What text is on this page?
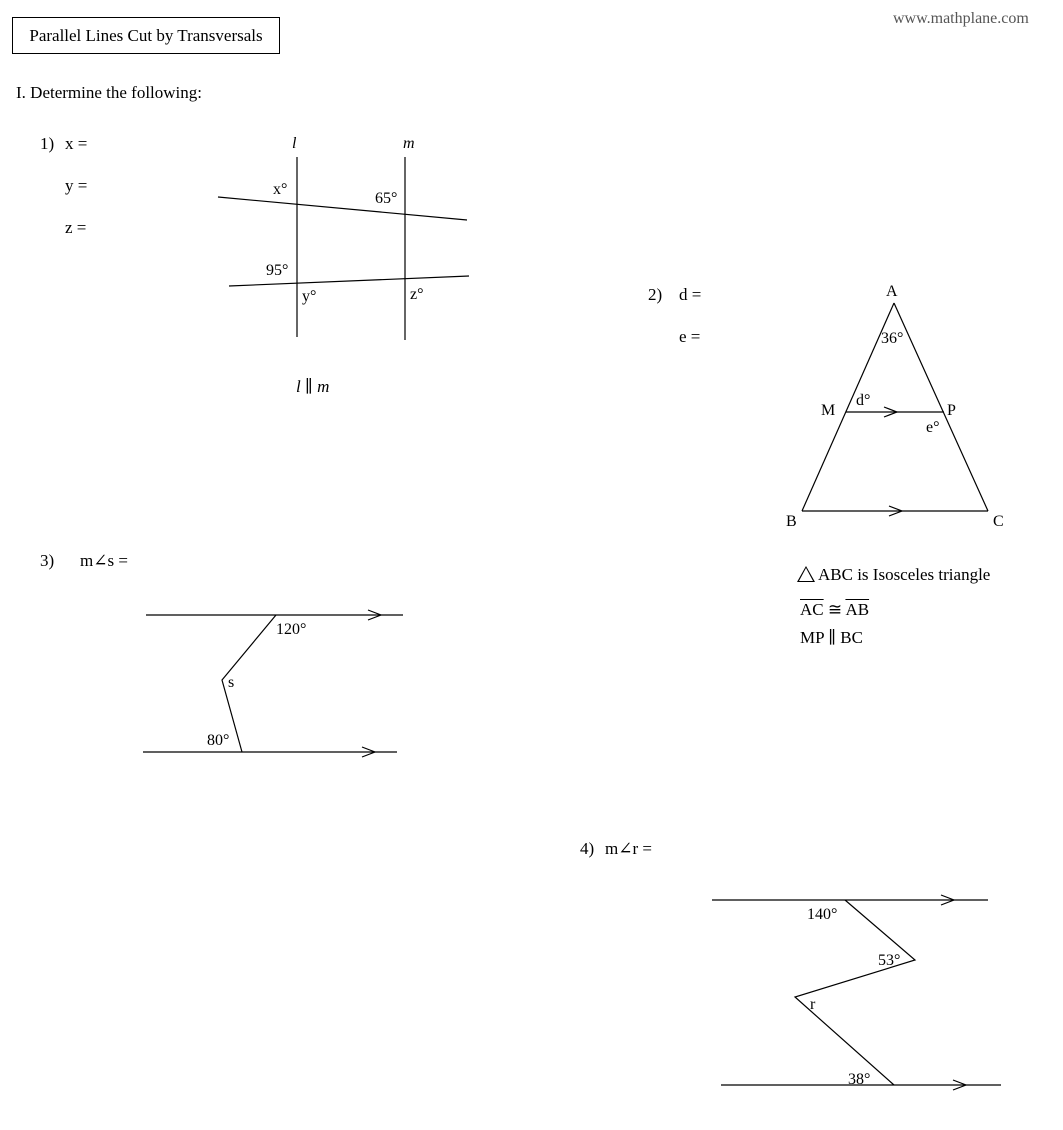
Parallel Lines Cut by Transversals
www.mathplane.com
I. Determine the following:
1) x =
y =
z =
l ∥ m
l	m
x°
65°
95°
y°	z°	2) d =
e =
A
B	C
M	P
36°
d°
e°
ABC is Isosceles triangle
$\overline{AC}$ ≅ $\overline{AB}$
MP ∥ BC
3) m∠s =
120°
s
80°
4) m∠r =
140°
53°
r
38°
